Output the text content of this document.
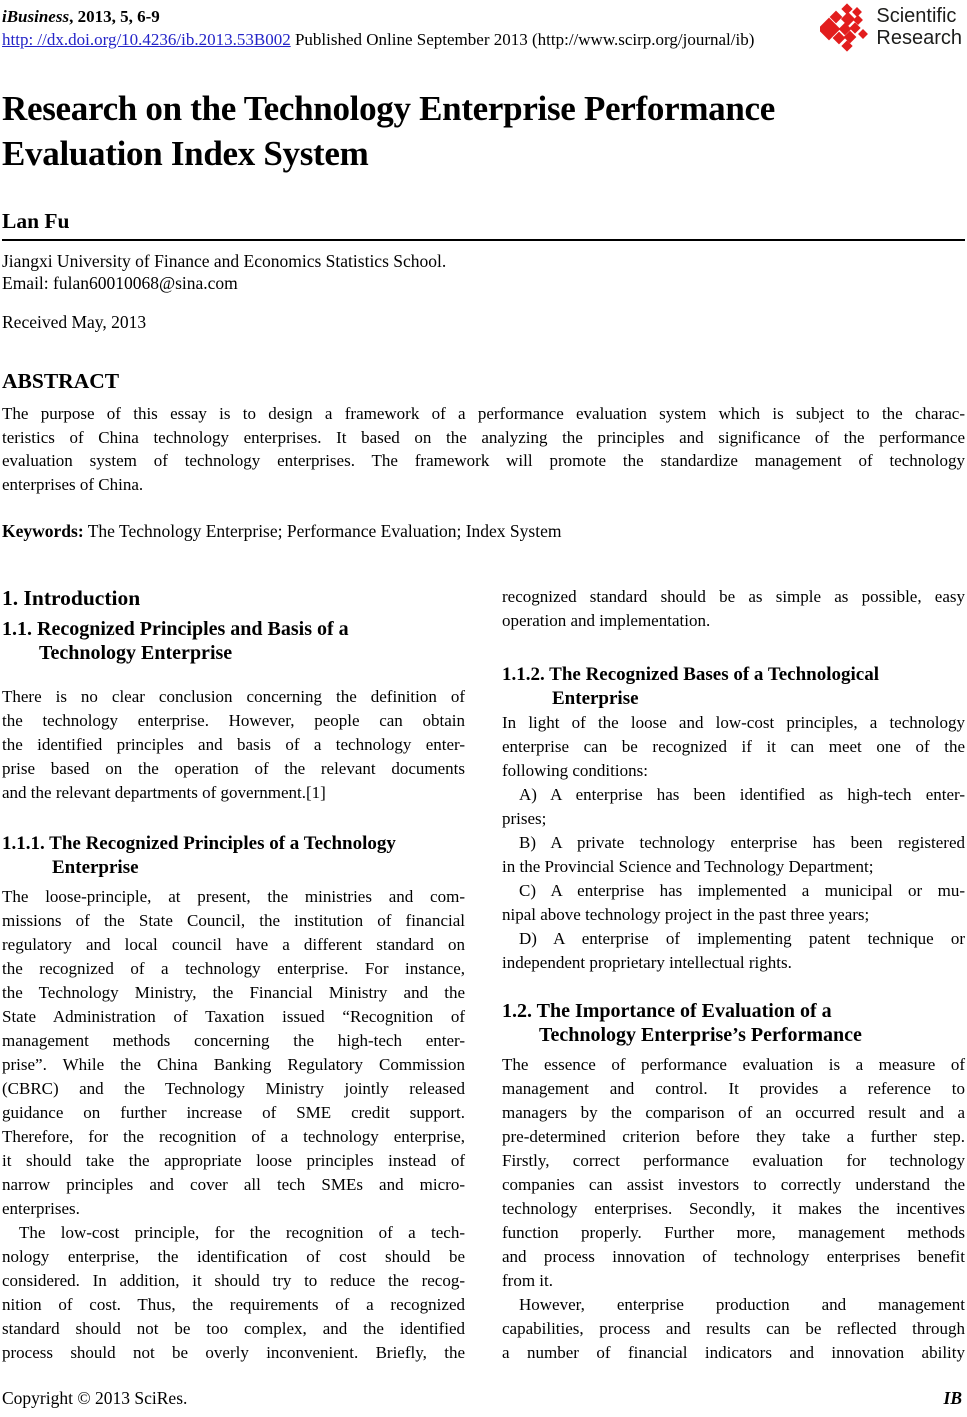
iBusiness, 2013, 5, 6-9
http: //dx.doi.org/10.4236/ib.2013.53B002 Published Online September 2013 (http://www.scirp.org/journal/ib)
Scientific
Research
Research on the Technology Enterprise Performance Evaluation Index System
Lan Fu
Jiangxi University of Finance and Economics Statistics School.
Email: fulan60010068@sina.com
Received May, 2013
ABSTRACT
The purpose of this essay is to design a framework of a performance evaluation system which is subject to the charac-
teristics of China technology enterprises. It based on the analyzing the principles and significance of the performance
evaluation system of technology enterprises. The framework will promote the standardize management of technology
enterprises of China.
Keywords: The Technology Enterprise; Performance Evaluation; Index System
1. Introduction
1.1. Recognized Principles and Basis of a
Technology Enterprise
There is no clear conclusion concerning the definition of
the technology enterprise. However, people can obtain
the identified principles and basis of a technology enter-
prise based on the operation of the relevant documents
and the relevant departments of government.[1]
1.1.1. The Recognized Principles of a Technology
Enterprise
The loose-principle, at present, the ministries and com-
missions of the State Council, the institution of financial
regulatory and local council have a different standard on
the recognized of a technology enterprise. For instance,
the Technology Ministry, the Financial Ministry and the
State Administration of Taxation issued “Recognition of
management methods concerning the high-tech enter-
prise”. While the China Banking Regulatory Commission
(CBRC) and the Technology Ministry jointly released
guidance on further increase of SME credit support.
Therefore, for the recognition of a technology enterprise,
it should take the appropriate loose principles instead of
narrow principles and cover all tech SMEs and micro-
enterprises.
The low-cost principle, for the recognition of a tech-
nology enterprise, the identification of cost should be
considered. In addition, it should try to reduce the recog-
nition of cost. Thus, the requirements of a recognized
standard should not be too complex, and the identified
process should not be overly inconvenient. Briefly, the
recognized standard should be as simple as possible, easy
operation and implementation.
1.1.2. The Recognized Bases of a Technological
Enterprise
In light of the loose and low-cost principles, a technology
enterprise can be recognized if it can meet one of the
following conditions:
A) A enterprise has been identified as high-tech enter-
prises;
B) A private technology enterprise has been registered
in the Provincial Science and Technology Department;
C) A enterprise has implemented a municipal or mu-
nipal above technology project in the past three years;
D) A enterprise of implementing patent technique or
independent proprietary intellectual rights.
1.2. The Importance of Evaluation of a
Technology Enterprise’s Performance
The essence of performance evaluation is a measure of
management and control. It provides a reference to
managers by the comparison of an occurred result and a
pre-determined criterion before they take a further step.
Firstly, correct performance evaluation for technology
companies can assist investors to correctly understand the
technology enterprises. Secondly, it makes the incentives
function properly. Further more, management methods
and process innovation of technology enterprises benefit
from it.
However, enterprise production and management
capabilities, process and results can be reflected through
a number of financial indicators and innovation ability
Copyright © 2013 SciRes.	IB
